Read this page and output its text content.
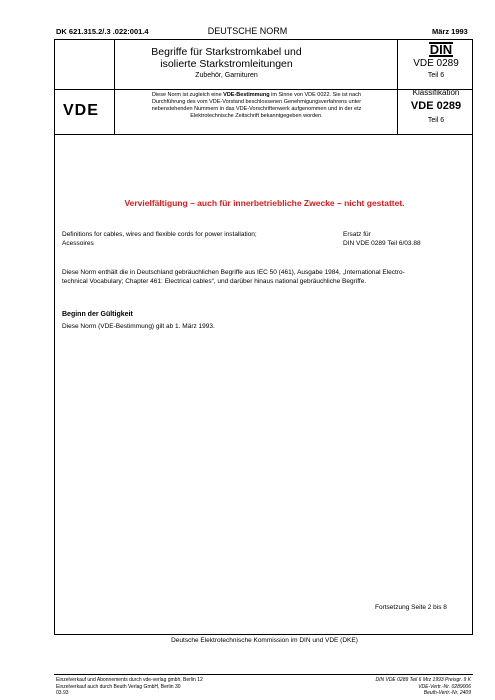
DK 621.315.2/.3 .022:001.4	DEUTSCHE NORM	März 1993
Begriffe für Starkstromkabel und
isolierte Starkstromleitungen
Zubehör, Garnituren
DIN
VDE 0289
Teil 6
VDE
Diese Norm ist zugleich eine VDE-Bestimmung im Sinne von VDE 0022. Sie ist nach
Durchführung des vom VDE-Vorstand beschlossenen Genehmigungsverfahrens unter
nebenstehenden Nummern in das VDE-Vorschriftenwerk aufgenommen und in der etz
Elektrotechnische Zeitschrift bekanntgegeben worden.
Klassifikation
VDE 0289
Teil 6
Vervielfältigung – auch für innerbetriebliche Zwecke – nicht gestattet.
Definitions for cables, wires and flexible cords for power installation;
Acessoires
Ersatz für
DIN VDE 0289 Teil 6/03.88
Diese Norm enthält die in Deutschland gebräuchlichen Begriffe aus IEC 50 (461), Ausgabe 1984, „International Electro-
technical Vocabulary; Chapter 461: Electrical cables“, und darüber hinaus national gebräuchliche Begriffe.
Beginn der Gültigkeit
Diese Norm (VDE-Bestimmung) gilt ab 1. März 1993.
Fortsetzung Seite 2 bis 8
Deutsche Elektrotechnische Kommission im DIN und VDE (DKE)
Einzelverkauf und Abonnements durch vde-verlag gmbh, Berlin 12
Einzelverkauf auch durch Beuth Verlag GmbH, Berlin 30
03.93
DIN VDE 0289 Teil 6 Mrz 1993 Preisgr. 9 K
VDE-Vertr.-Nr. 0289006
Beuth-Vertr.-Nr. 2409
